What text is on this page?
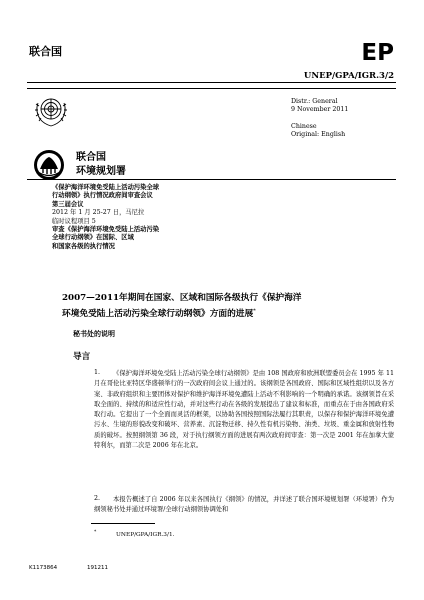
联合国	EP
UNEP/GPA/IGR.3/2
联合国
环境规划署
Distr.: General
9 November 2011

Chinese
Original: English
《保护海洋环境免受陆上活动污染全球
行动纲领》执行情况政府间审查会议
第三届会议
2012 年 1 月 25-27 日，马尼拉
临时议程项目 5
审查《保护海洋环境免受陆上活动污染
全球行动纲领》在国际、区域
和国家各级的执行情况
2007—2011年期间在国家、区域和国际各级执行《保护海洋
环境免受陆上活动污染全球行动纲领》方面的进展*
秘书处的说明
导言
1.	《保护海洋环境免受陆上活动污染全球行动纲领》是由 108 国政府和欧洲联盟委员会在 1995 年 11 月在哥伦比亚特区华盛顿举行的一次政府间会议上通过的。该纲领是各国政府、国际和区域性组织以及各方案、非政府组织和主要团体对保护和维护海洋环境免遭陆上活动不利影响的一个明确的承诺。该纲领旨在采取全面的、持续的和适应性行动，并对这些行动在各级的发展提出了建议和标准，而重点在于由各国政府采取行动。它提出了一个全面而灵活的框架，以协助各国按照国际法履行其职责，以保存和保护海洋环境免遭污水、生境的形貌改变和破坏、营养素、沉淀物迁移、持久性有机污染物、油类、垃圾、重金属和放射性物质的破坏。按照纲领第 36 段，对于执行纲领方面的进展有两次政府间审查：第一次是 2001 年在加拿大蒙特利尔，而第二次是 2006 年在北京。
2.	本报告概述了自 2006 年以来各国执行《纲领》的情况，并详述了联合国环境规划署（环境署）作为纲领秘书处并通过环境署/全球行动纲领协调处和
*	UNEP/GPA/IGR.3/1.
K1173864	191211
